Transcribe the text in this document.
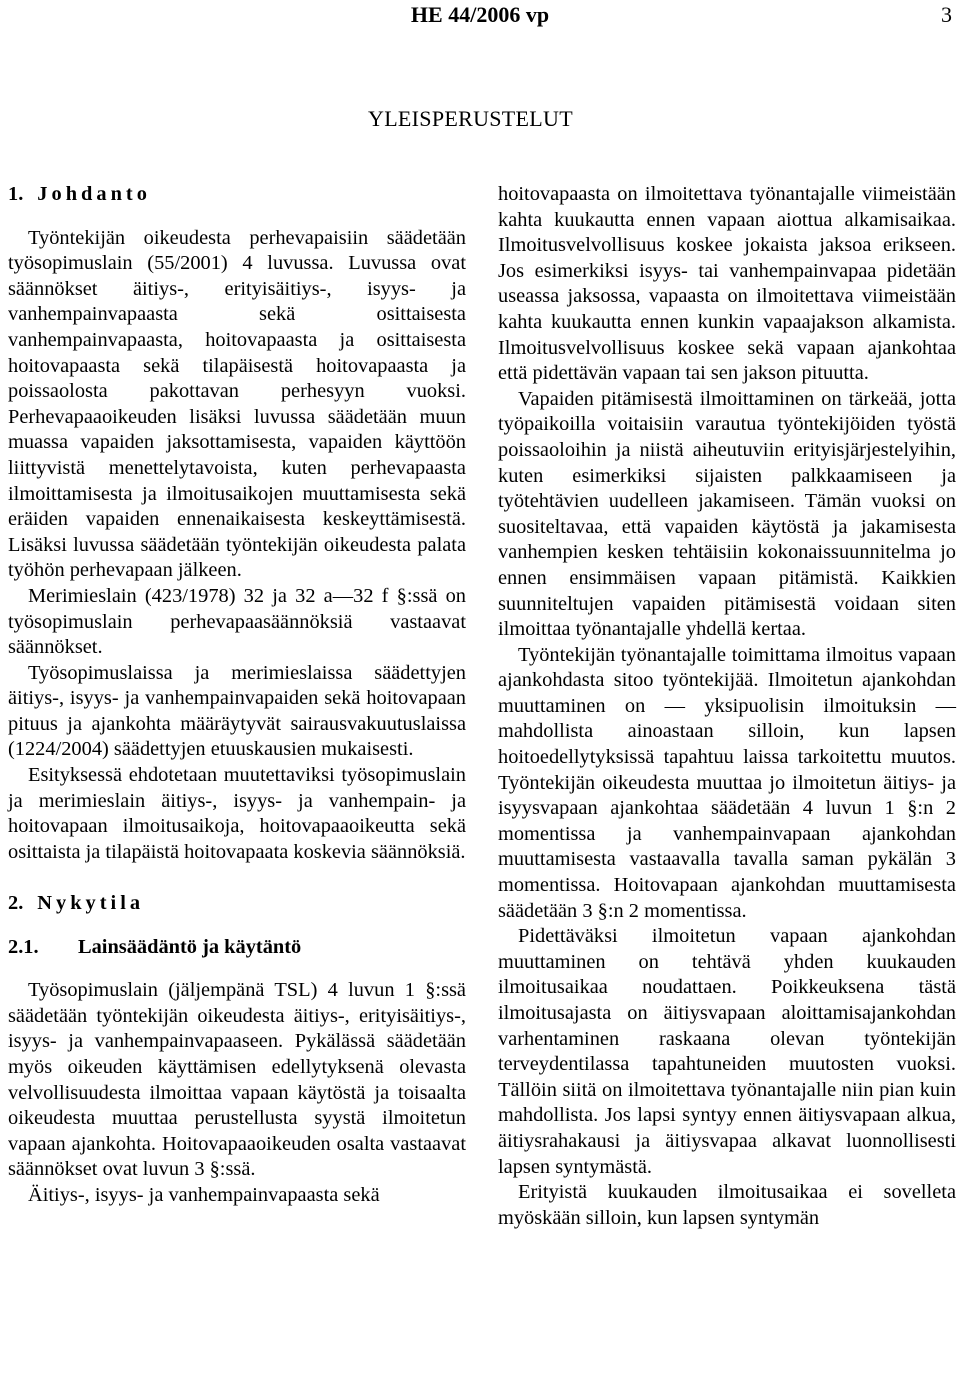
HE 44/2006 vp	3
YLEISPERUSTELUT
1. Johdanto

Työntekijän oikeudesta perhevapaisiin säädetään työsopimuslain (55/2001) 4 luvussa. Luvussa ovat säännökset äitiys-, erityisäitiys-, isyys- ja vanhempainvapaasta sekä osittaisesta vanhempainvapaasta, hoitovapaasta ja osittaisesta hoitovapaasta sekä tilapäisestä hoitovapaasta ja poissaolosta pakottavan perhesyyn vuoksi. Perhevapaaoikeuden lisäksi luvussa säädetään muun muassa vapaiden jaksottamisesta, vapaiden käyttöön liittyvistä menettelytavoista, kuten perhevapaasta ilmoittamisesta ja ilmoitusaikojen muuttamisesta sekä eräiden vapaiden ennenaikaisesta keskeyttämisestä. Lisäksi luvussa säädetään työntekijän oikeudesta palata työhön perhevapaan jälkeen.

Merimieslain (423/1978) 32 ja 32 a—32 f §:ssä on työsopimuslain perhevapaasäännöksiä vastaavat säännökset.

Työsopimuslaissa ja merimieslaissa säädettyjen äitiys-, isyys- ja vanhempainvapaiden sekä hoitovapaan pituus ja ajankohta määräytyvät sairausvakuutuslaissa (1224/2004) säädettyjen etuuskausien mukaisesti.

Esityksessä ehdotetaan muutettaviksi työsopimuslain ja merimieslain äitiys-, isyys- ja vanhempain- ja hoitovapaan ilmoitusaikoja, hoitovapaaoikeutta sekä osittaista ja tilapäistä hoitovapaata koskevia säännöksiä.

2. Nykytila
2.1. Lainsäädäntö ja käytäntö

Työsopimuslain (jäljempänä TSL) 4 luvun 1 §:ssä säädetään työntekijän oikeudesta äitiys-, erityisäitiys-, isyys- ja vanhempainvapaaseen. Pykälässä säädetään myös oikeuden käyttämisen edellytyksenä olevasta velvollisuudesta ilmoittaa vapaan käytöstä ja toisaalta oikeudesta muuttaa perustellusta syystä ilmoitetun vapaan ajankohta. Hoitovapaaoikeuden osalta vastaavat säännökset ovat luvun 3 §:ssä.

Äitiys-, isyys- ja vanhempainvapaasta sekä

hoitovapaasta on ilmoitettava työnantajalle viimeistään kahta kuukautta ennen vapaan aiottua alkamisaikaa. Ilmoitusvelvollisuus koskee jokaista jaksoa erikseen. Jos esimerkiksi isyys- tai vanhempainvapaa pidetään useassa jaksossa, vapaasta on ilmoitettava viimeistään kahta kuukautta ennen kunkin vapaajakson alkamista. Ilmoitusvelvollisuus koskee sekä vapaan ajankohtaa että pidettävän vapaan tai sen jakson pituutta.

Vapaiden pitämisestä ilmoittaminen on tärkeää, jotta työpaikoilla voitaisiin varautua työntekijöiden työstä poissaoloihin ja niistä aiheutuviin erityisjärjestelyihin, kuten esimerkiksi sijaisten palkkaamiseen ja työtehtävien uudelleen jakamiseen. Tämän vuoksi on suositeltavaa, että vapaiden käytöstä ja jakamisesta vanhempien kesken tehtäisiin kokonaissuunnitelma jo ennen ensimmäisen vapaan pitämistä. Kaikkien suunniteltujen vapaiden pitämisestä voidaan siten ilmoittaa työnantajalle yhdellä kertaa.

Työntekijän työnantajalle toimittama ilmoitus vapaan ajankohdasta sitoo työntekijää. Ilmoitetun ajankohdan muuttaminen on — yksipuolisin ilmoituksin — mahdollista ainoastaan silloin, kun lapsen hoitoedellytyksissä tapahtuu laissa tarkoitettu muutos. Työntekijän oikeudesta muuttaa jo ilmoitetun äitiys- ja isyysvapaan ajankohtaa säädetään 4 luvun 1 §:n 2 momentissa ja vanhempainvapaan ajankohdan muuttamisesta vastaavalla tavalla saman pykälän 3 momentissa. Hoitovapaan ajankohdan muuttamisesta säädetään 3 §:n 2 momentissa.

Pidettäväksi ilmoitetun vapaan ajankohdan muuttaminen on tehtävä yhden kuukauden ilmoitusaikaa noudattaen. Poikkeuksena tästä ilmoitusajasta on äitiysvapaan aloittamisajankohdan varhentaminen raskaana olevan työntekijän terveydentilassa tapahtuneiden muutosten vuoksi. Tällöin siitä on ilmoitettava työnantajalle niin pian kuin mahdollista. Jos lapsi syntyy ennen äitiysvapaan alkua, äitiysrahakausi ja äitiysvapaa alkavat luonnollisesti lapsen syntymästä.

Erityistä kuukauden ilmoitusaikaa ei sovelleta myöskään silloin, kun lapsen syntymän
